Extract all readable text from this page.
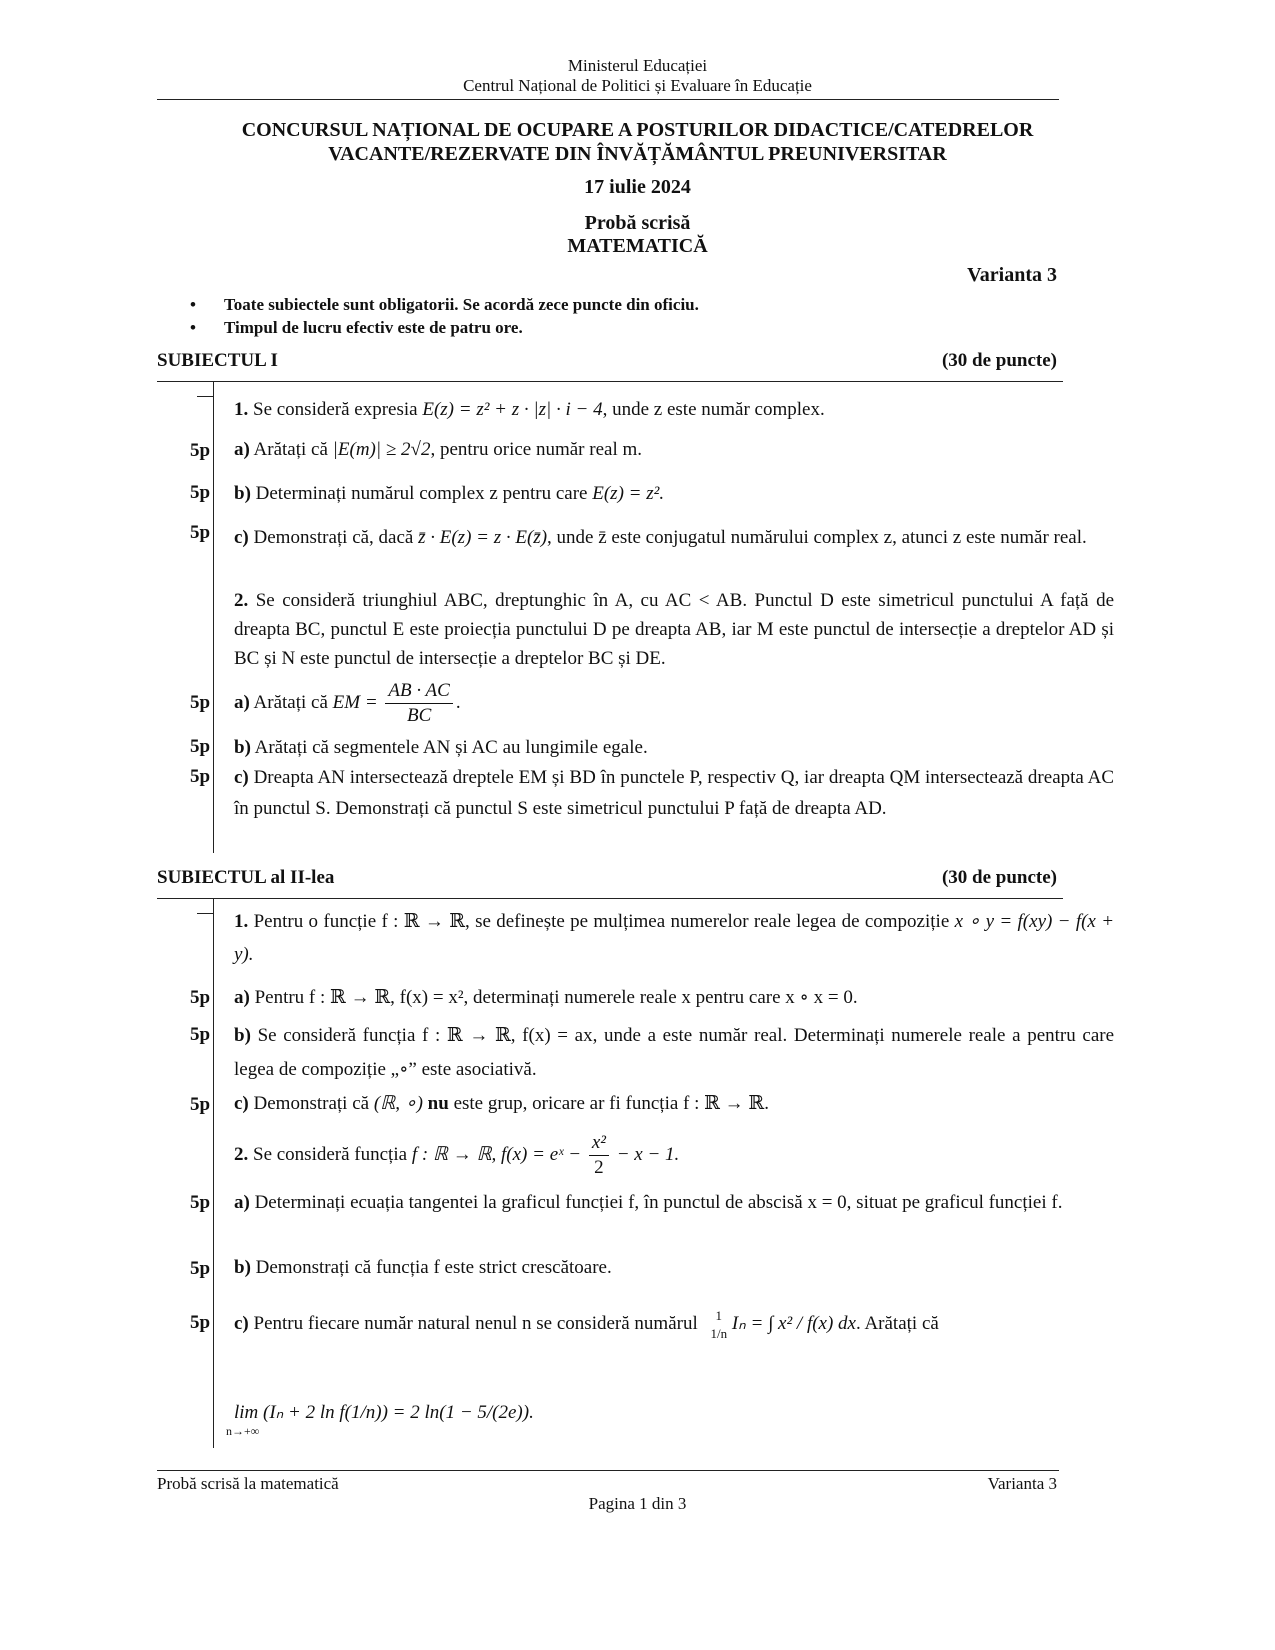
Ministerul Educației
Centrul Național de Politici și Evaluare în Educație
CONCURSUL NAȚIONAL DE OCUPARE A POSTURILOR DIDACTICE/CATEDRELOR
VACANTE/REZERVATE DIN ÎNVĂȚĂMÂNTUL PREUNIVERSITAR
17 iulie 2024
Probă scrisă
MATEMATICĂ
Varianta 3
• Toate subiectele sunt obligatorii. Se acordă zece puncte din oficiu.
• Timpul de lucru efectiv este de patru ore.
SUBIECTUL I	(30 de puncte)
1. Se consideră expresia E(z) = z² + z · |z| · i − 4, unde z este număr complex.
5p	a) Arătați că |E(m)| ≥ 2√2, pentru orice număr real m.
5p	b) Determinați numărul complex z pentru care E(z) = z².
5p	c) Demonstrați că, dacă z̄ · E(z) = z · E(z̄), unde z̄ este conjugatul numărului complex z, atunci z este număr real.
2. Se consideră triunghiul ABC, dreptunghic în A, cu AC < AB. Punctul D este simetricul punctului A față de dreapta BC, punctul E este proiecția punctului D pe dreapta AB, iar M este punctul de intersecție a dreptelor AD și BC și N este punctul de intersecție a dreptelor BC și DE.
5p	a) Arătați că EM = $\frac{AB \cdot AC}{BC}$ .
5p	b) Arătați că segmentele AN și AC au lungimile egale.
5p	c) Dreapta AN intersectează dreptele EM și BD în punctele P, respectiv Q, iar dreapta QM intersectează dreapta AC în punctul S. Demonstrați că punctul S este simetricul punctului P față de dreapta AD.
SUBIECTUL al II-lea	(30 de puncte)
1. Pentru o funcție f : ℝ → ℝ, se definește pe mulțimea numerelor reale legea de compoziție x ∘ y = f(xy) − f(x + y).
5p	a) Pentru f : ℝ → ℝ, f(x) = x², determinați numerele reale x pentru care x ∘ x = 0.
5p	b) Se consideră funcția f : ℝ → ℝ, f(x) = ax, unde a este număr real. Determinați numerele reale a pentru care legea de compoziție „∘” este asociativă.
5p	c) Demonstrați că (ℝ, ∘) nu este grup, oricare ar fi funcția f : ℝ → ℝ.
2. Se consideră funcția f : ℝ → ℝ, f(x) = eˣ − $\frac{\text{x²}}{2} - x - 1$.
5p	a) Determinați ecuația tangentei la graficul funcției f, în punctul de abscisă x = 0, situat pe graficul funcției f.
5p	b) Demonstrați că funcția f este strict crescătoare.
5p	c) Pentru fiecare număr natural nenul n se consideră numărul	1
1/n Iₙ = ∫ x² / f(x) dx. Arătați că
lim (Iₙ + 2 ln f(1/n)) = 2 ln(1 − 5/(2e)).
n→+∞
Probă scrisă la matematică	Varianta 3
Pagina 1 din 3
